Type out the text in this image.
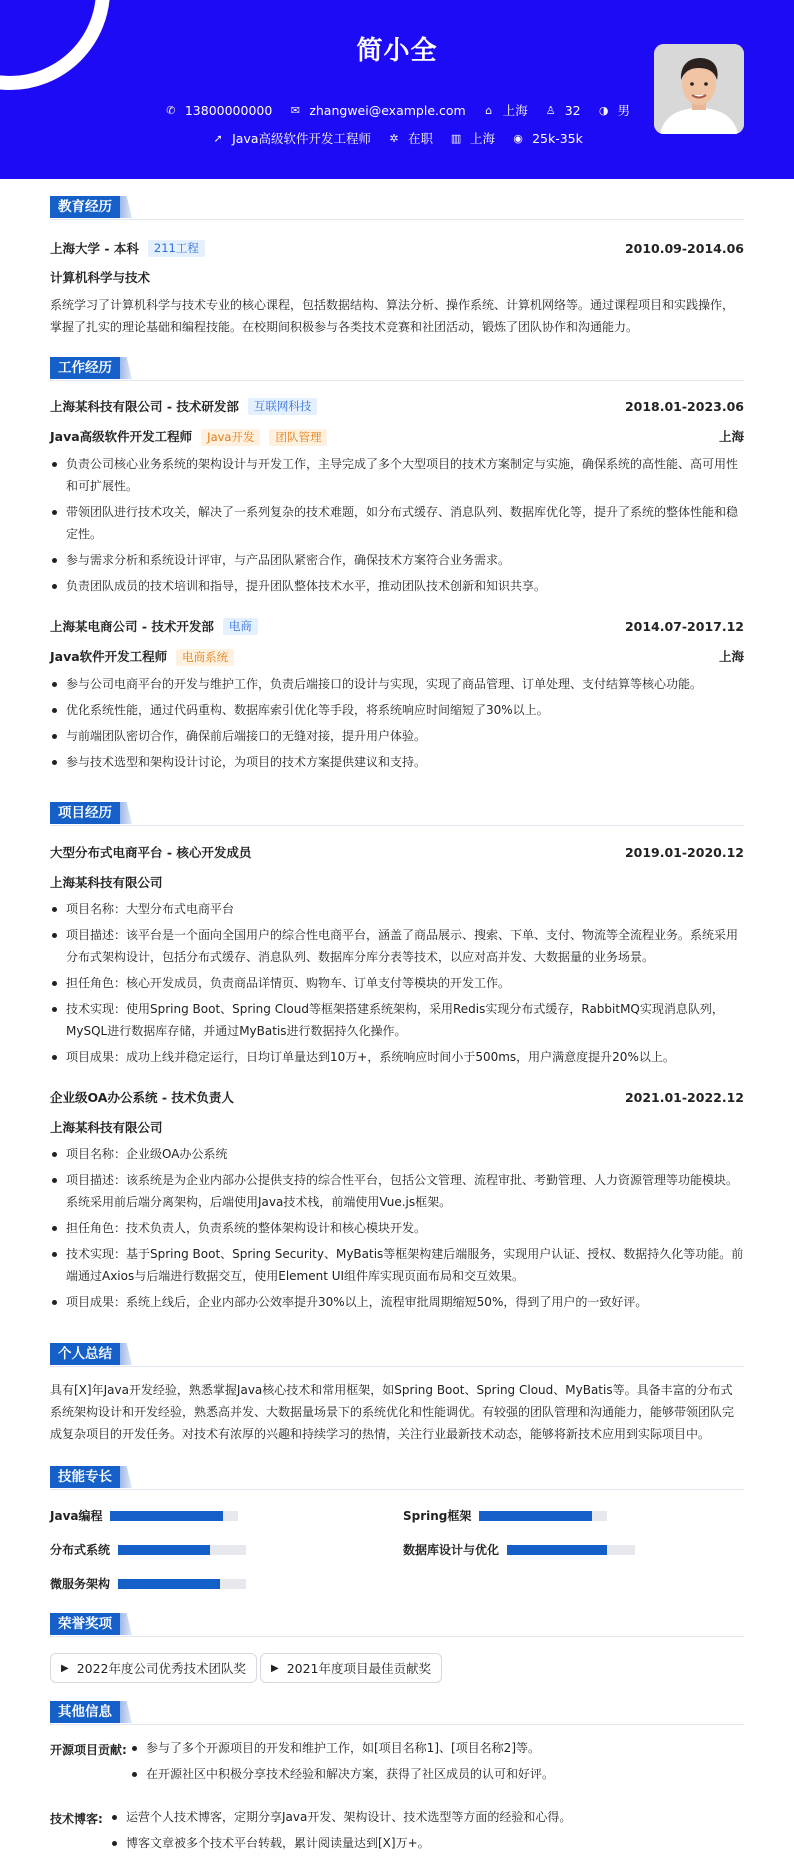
简小全
✆ 13800000000 ✉ zhangwei@example.com	⌂ 上海 ♙ 32 ◑ 男
➚ Java高级软件开发工程师 ✲ 在职 ▥ 上海 ◉ 25k-35k
教育经历
上海大学 - 本科	211工程	2010.09-2014.06
计算机科学与技术
系统学习了计算机科学与技术专业的核心课程，包括数据结构、算法分析、操作系统、计算机网络等。通过课程项目和实践操作，掌握了扎实的理论基础和编程技能。在校期间积极参与各类技术竞赛和社团活动，锻炼了团队协作和沟通能力。
工作经历
上海某科技有限公司 - 技术研发部	互联网科技	2018.01-2023.06
Java高级软件开发工程师 Java开发 团队管理	上海
负责公司核心业务系统的架构设计与开发工作，主导完成了多个大型项目的技术方案制定与实施，确保系统的高性能、高可用性和可扩展性。
带领团队进行技术攻关，解决了一系列复杂的技术难题，如分布式缓存、消息队列、数据库优化等，提升了系统的整体性能和稳定性。
参与需求分析和系统设计评审，与产品团队紧密合作，确保技术方案符合业务需求。
负责团队成员的技术培训和指导，提升团队整体技术水平，推动团队技术创新和知识共享。
上海某电商公司 - 技术开发部	电商	2014.07-2017.12
Java软件开发工程师 电商系统	上海
参与公司电商平台的开发与维护工作，负责后端接口的设计与实现，实现了商品管理、订单处理、支付结算等核心功能。
优化系统性能，通过代码重构、数据库索引优化等手段，将系统响应时间缩短了30%以上。
与前端团队密切合作，确保前后端接口的无缝对接，提升用户体验。
参与技术选型和架构设计讨论，为项目的技术方案提供建议和支持。
项目经历
大型分布式电商平台 - 核心开发成员	2019.01-2020.12
上海某科技有限公司
项目名称：大型分布式电商平台
项目描述：该平台是一个面向全国用户的综合性电商平台，涵盖了商品展示、搜索、下单、支付、物流等全流程业务。系统采用分布式架构设计，包括分布式缓存、消息队列、数据库分库分表等技术，以应对高并发、大数据量的业务场景。
担任角色：核心开发成员，负责商品详情页、购物车、订单支付等模块的开发工作。
技术实现：使用Spring Boot、Spring Cloud等框架搭建系统架构，采用Redis实现分布式缓存，RabbitMQ实现消息队列，MySQL进行数据库存储，并通过MyBatis进行数据持久化操作。
项目成果：成功上线并稳定运行，日均订单量达到10万+，系统响应时间小于500ms，用户满意度提升20%以上。
企业级OA办公系统 - 技术负责人	2021.01-2022.12
上海某科技有限公司
项目名称：企业级OA办公系统
项目描述：该系统是为企业内部办公提供支持的综合性平台，包括公文管理、流程审批、考勤管理、人力资源管理等功能模块。系统采用前后端分离架构，后端使用Java技术栈，前端使用Vue.js框架。
担任角色：技术负责人，负责系统的整体架构设计和核心模块开发。
技术实现：基于Spring Boot、Spring Security、MyBatis等框架构建后端服务，实现用户认证、授权、数据持久化等功能。前端通过Axios与后端进行数据交互，使用Element UI组件库实现页面布局和交互效果。
项目成果：系统上线后，企业内部办公效率提升30%以上，流程审批周期缩短50%，得到了用户的一致好评。
个人总结
具有[X]年Java开发经验，熟悉掌握Java核心技术和常用框架，如Spring Boot、Spring Cloud、MyBatis等。具备丰富的分布式系统架构设计和开发经验，熟悉高并发、大数据量场景下的系统优化和性能调优。有较强的团队管理和沟通能力，能够带领团队完成复杂项目的开发任务。对技术有浓厚的兴趣和持续学习的热情，关注行业最新技术动态，能够将新技术应用到实际项目中。
技能专长
Java编程	Spring框架
分布式系统	数据库设计与优化
微服务架构
荣誉奖项
▶ 2022年度公司优秀技术团队奖 ▶ 2021年度项目最佳贡献奖
其他信息
开源项目贡献:	参与了多个开源项目的开发和维护工作，如[项目名称1]、[项目名称2]等。
在开源社区中积极分享技术经验和解决方案，获得了社区成员的认可和好评。
技术博客:	运营个人技术博客，定期分享Java开发、架构设计、技术选型等方面的经验和心得。
博客文章被多个技术平台转载，累计阅读量达到[X]万+。
